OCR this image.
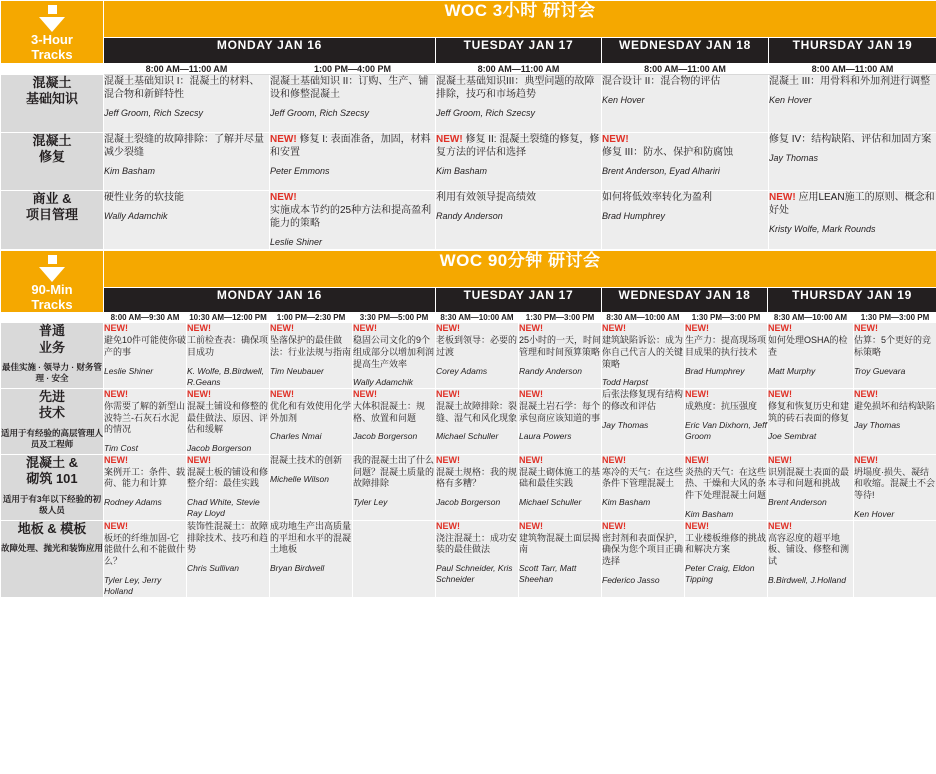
3-Hour
Tracks	WOC 3小时 研讨会				
	MONDAY JAN 16		TUESDAY JAN 17	WEDNESDAY JAN 18	THURSDAY JAN 19
	8:00 AM—11:00 AM	1:00 PM—4:00 PM	8:00 AM—11:00 AM	8:00 AM—11:00 AM	8:00 AM—11:00 AM

混凝土
基础知识
	混凝土基础知识 I：混凝土的材料、混合物和新鲜特性
Jeff Groom, Rich Szecsy
	混凝土基础知识 II：订购、生产、铺设和修整混凝土
Jeff Groom, Rich Szecsy
	混凝土基础知识III：典型问题的故障排除，技巧和市场趋势
Jeff Groom, Rich Szecsy
	混合设计 II：混合物的评估
Ken Hover
	混凝土 III：用骨料和外加剂进行调整
Ken Hover

混凝土
修复
	混凝土裂缝的故障排除：了解并尽量减少裂缝
Kim Basham
	NEW! 修复 I: 表面准备，加固，材料和安置
Peter Emmons
	NEW! 修复 II: 混凝土裂缝的修复，修复方法的评估和选择
Kim Basham
	NEW!
修复 III：防水、保护和防腐蚀
Brent Anderson, Eyad Alhariri
	修复 IV：结构缺陷、评估和加固方案
Jay Thomas

商业 &
项目管理
	硬性业务的软技能
Wally Adamchik
	NEW!
实施成本节约的25种方法和提高盈利能力的策略
Leslie Shiner
	利用有效领导提高绩效
Randy Anderson
	如何将低效率转化为盈利
Brad Humphrey
	NEW! 应用LEAN施工的原则、概念和好处
Kristy Wolfe, Mark Rounds
90-Min
Tracks	WOC 90分钟 研讨会									
	MONDAY JAN 16				TUESDAY JAN 17		WEDNESDAY JAN 18		THURSDAY JAN 19	
	8:00 AM—9:30 AM	10:30 AM—12:00 PM	1:00 PM—2:30 PM	3:30 PM—5:00 PM	8:30 AM—10:00 AM	1:30 PM—3:00 PM	8:30 AM—10:00 AM	1:30 PM—3:00 PM	8:30 AM—10:00 AM	1:30 PM—3:00 PM

普通
业务
最佳实施 · 领导力 · 财务管理 · 安全
	NEW!
避免10件可能使你破产的事
Leslie Shiner
	NEW!
工前检查表：确保项目成功
K. Wolfe, B.Birdwell, R.Geans
	NEW!
坠落保护的最佳做法：行业法规与指南
Tim Neubauer
	NEW!
稳固公司文化的9个组成部分以增加利润提高生产效率
Wally Adamchik
	NEW!
老板到领导：必要的过渡
Corey Adams
	NEW!
25小时的一天，时间管理和时间预算策略
Randy Anderson
	NEW!
建筑缺陷诉讼：成为你自己代言人的关键策略
Todd Harpst
	NEW!
生产力：提高现场项目成果的执行技术
Brad Humphrey
	NEW!
如何处理OSHA的检查
Matt Murphy
	NEW!
估算：5个更好的竞标策略
Troy Guevara

先进
技术
适用于有经验的高层管理人员及工程师
	NEW!
你需要了解的新型山波特兰-石灰石水泥的情况
Tim Cost
	NEW!
混凝土铺设和修整的最佳做法、原因、评估和缓解
Jacob Borgerson
	NEW!
优化和有效使用化学外加剂
Charles Nmai
	NEW!
大体积混凝土：规格、放置和问题
Jacob Borgerson
	NEW!
混凝土故障排除：裂缝、湿气和风化现象
Michael Schuller
	NEW!
混凝土岩石学：每个承包商应该知道的事
Laura Powers
	后张法修复现有结构的修改和评估
Jay Thomas
	NEW!
成熟度：抗压强度
Eric Van Dixhorn, Jeff Groom
	NEW!
修复和恢复历史和建筑的砖石表面的修复
Joe Sembrat
	NEW!
避免损坏和结构缺陷
Jay Thomas

混凝土 &
砌筑 101
适用于有3年以下经验的初级人员
	NEW!
案例开工：条件、载荷、能力和计算
Rodney Adams
	NEW!
混凝土板的铺设和修整介绍：最佳实践
Chad White, Stevie Ray Lloyd
	混凝土技术的创新
Michelle Wilson
	我的混凝土出了什么问题？混凝土质量的故障排除
Tyler Ley
	NEW!
混凝土规格：我的规格有多糟？
Jacob Borgerson
	NEW!
混凝土砌体施工的基础和最佳实践
Michael Schuller
	NEW!
寒冷的天气：在这些条件下管理混凝土
Kim Basham
	NEW!
炎热的天气：在这些热、干燥和大风的条件下处理混凝土问题
Kim Basham
	NEW!
识别混凝土表面的最本寻和问题和挑战
Brent Anderson
	NEW!
坍塌度·损失、凝结和收缩。混凝土不会等待!
Ken Hover

地板 & 模板
故障处理、抛光和装饰应用	NEW!
板坯的纤维加固-它能做什么和不能做什么？
Tyler Ley, Jerry Holland	装饰性混凝土：故障排除技术、技巧和趋势
Chris Sullivan	成功地生产出高质量的平坦和水平的混凝土地板
Bryan Birdwell		NEW!
浇注混凝土：成功安装的最佳做法
Paul Schneider, Kris Schneider	NEW!
建筑物混凝土面层揭南
Scott Tarr, Matt Sheehan	NEW!
密封剂和表面保护，确保为您个项目正确选择
Federico Jasso	NEW!
工业楼板维修的挑战和解决方案
Peter Craig, Eldon Tipping	NEW!
高容忍度的超平地板、铺设、修整和测试
B.Birdwell, J.Holland	
